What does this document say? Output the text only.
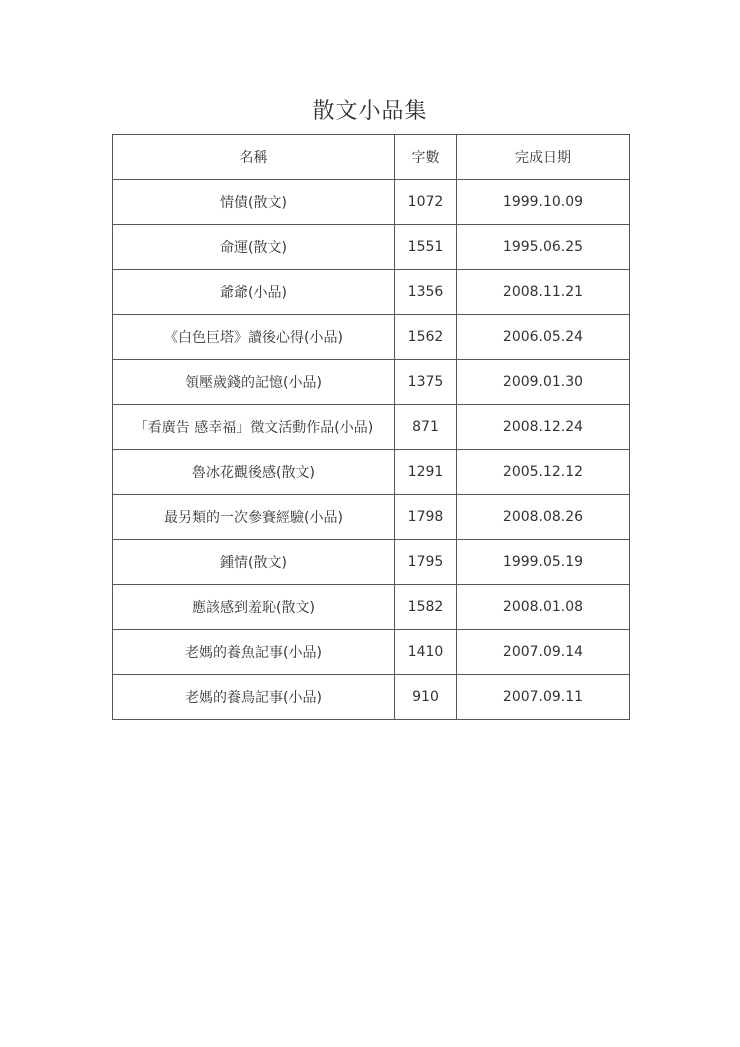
散文小品集
名稱	字數	完成日期
情債(散文)	1072	1999.10.09
命運(散文)	1551	1995.06.25
爺爺(小品)	1356	2008.11.21
《白色巨塔》讀後心得(小品)	1562	2006.05.24
領壓歲錢的記憶(小品)	1375	2009.01.30
「看廣告 感幸福」徵文活動作品(小品)	871	2008.12.24
魯冰花觀後感(散文)	1291	2005.12.12
最另類的一次參賽經驗(小品)	1798	2008.08.26
鍾情(散文)	1795	1999.05.19
應該感到羞恥(散文)	1582	2008.01.08
老媽的養魚記事(小品)	1410	2007.09.14
老媽的養鳥記事(小品)	910	2007.09.11
